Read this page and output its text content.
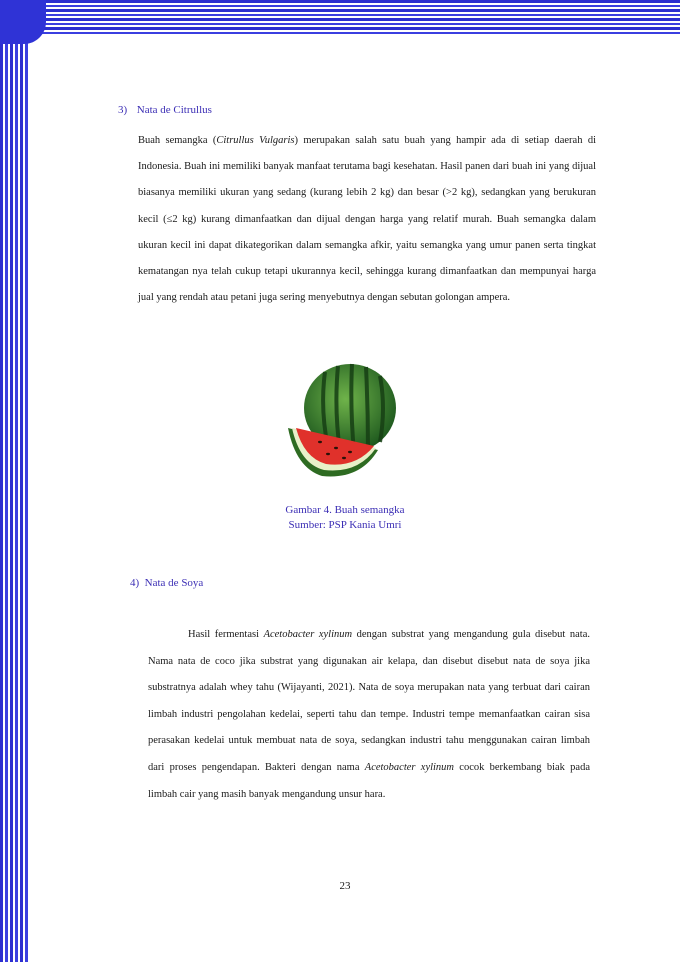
3) Nata de Citrullus

Buah semangka (Citrullus Vulgaris) merupakan salah satu buah yang hampir ada di setiap daerah di Indonesia. Buah ini memiliki banyak manfaat terutama bagi kesehatan. Hasil panen dari buah ini yang dijual biasanya memiliki ukuran yang sedang (kurang lebih 2 kg) dan besar (>2 kg), sedangkan yang berukuran kecil (≤2 kg) kurang dimanfaatkan dan dijual dengan harga yang relatif murah. Buah semangka dalam ukuran kecil ini dapat dikategorikan dalam semangka afkir, yaitu semangka yang umur panen serta tingkat kematangan nya telah cukup tetapi ukurannya kecil, sehingga kurang dimanfaatkan dan mempunyai harga jual yang rendah atau petani juga sering menyebutnya dengan sebutan golongan ampera.

Gambar 4. Buah semangka
Sumber: PSP Kania Umri
4) Nata de Soya

Hasil fermentasi Acetobacter xylinum dengan substrat yang mengandung gula disebut nata. Nama nata de coco jika substrat yang digunakan air kelapa, dan disebut disebut nata de soya jika substratnya adalah whey tahu (Wijayanti, 2021). Nata de soya merupakan nata yang terbuat dari cairan limbah industri pengolahan kedelai, seperti tahu dan tempe. Industri tempe memanfaatkan cairan sisa perasakan kedelai untuk membuat nata de soya, sedangkan industri tahu menggunakan cairan limbah dari proses pengendapan. Bakteri dengan nama Acetobacter xylinum cocok berkembang biak pada limbah cair yang masih banyak mengandung unsur hara.

23
